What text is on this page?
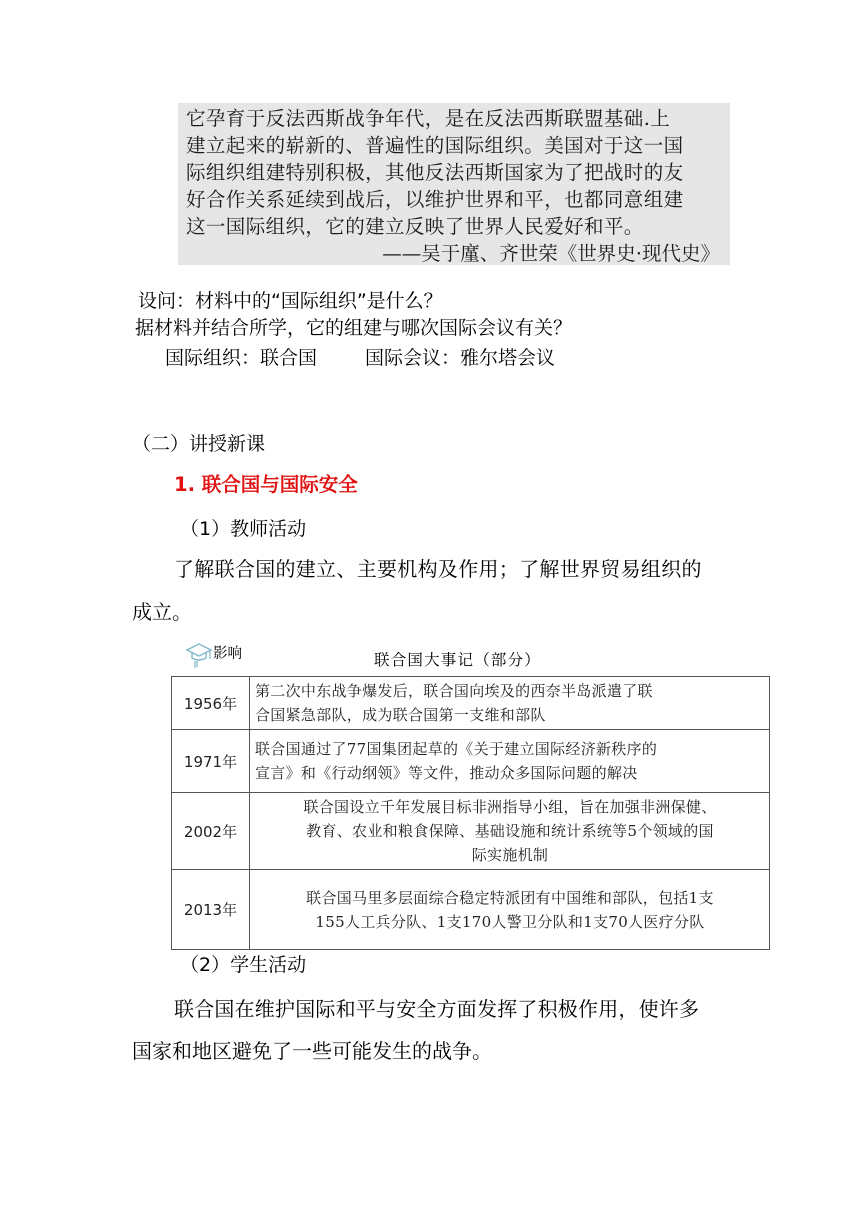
它孕育于反法西斯战争年代，是在反法西斯联盟基础.上
建立起来的崭新的、普遍性的国际组织。美国对于这一国
际组织组建特别积极，其他反法西斯国家为了把战时的友
好合作关系延续到战后，以维护世界和平，也都同意组建
这一国际组织，它的建立反映了世界人民爱好和平。
——吴于廑、齐世荣《世界史·现代史》
设问：材料中的“国际组织”是什么？
据材料并结合所学，它的组建与哪次国际会议有关？
国际组织：联合国	国际会议：雅尔塔会议
（二）讲授新课
1. 联合国与国际安全
（1）教师活动
了解联合国的建立、主要机构及作用；了解世界贸易组织的
成立。
影响	联合国大事记（部分）
1956年	第二次中东战争爆发后，联合国向埃及的西奈半岛派遣了联
合国紧急部队，成为联合国第一支维和部队

1971年	联合国通过了77国集团起草的《关于建立国际经济新秩序的
宣言》和《行动纲领》等文件，推动众多国际问题的解决

2002年	联合国设立千年发展目标非洲指导小组，旨在加强非洲保健、
教育、农业和粮食保障、基础设施和统计系统等5个领域的国
际实施机制

2013年	联合国马里多层面综合稳定特派团有中国维和部队，包括1支
155人工兵分队、1支170人警卫分队和1支70人医疗分队
（2）学生活动
联合国在维护国际和平与安全方面发挥了积极作用，使许多
国家和地区避免了一些可能发生的战争。
